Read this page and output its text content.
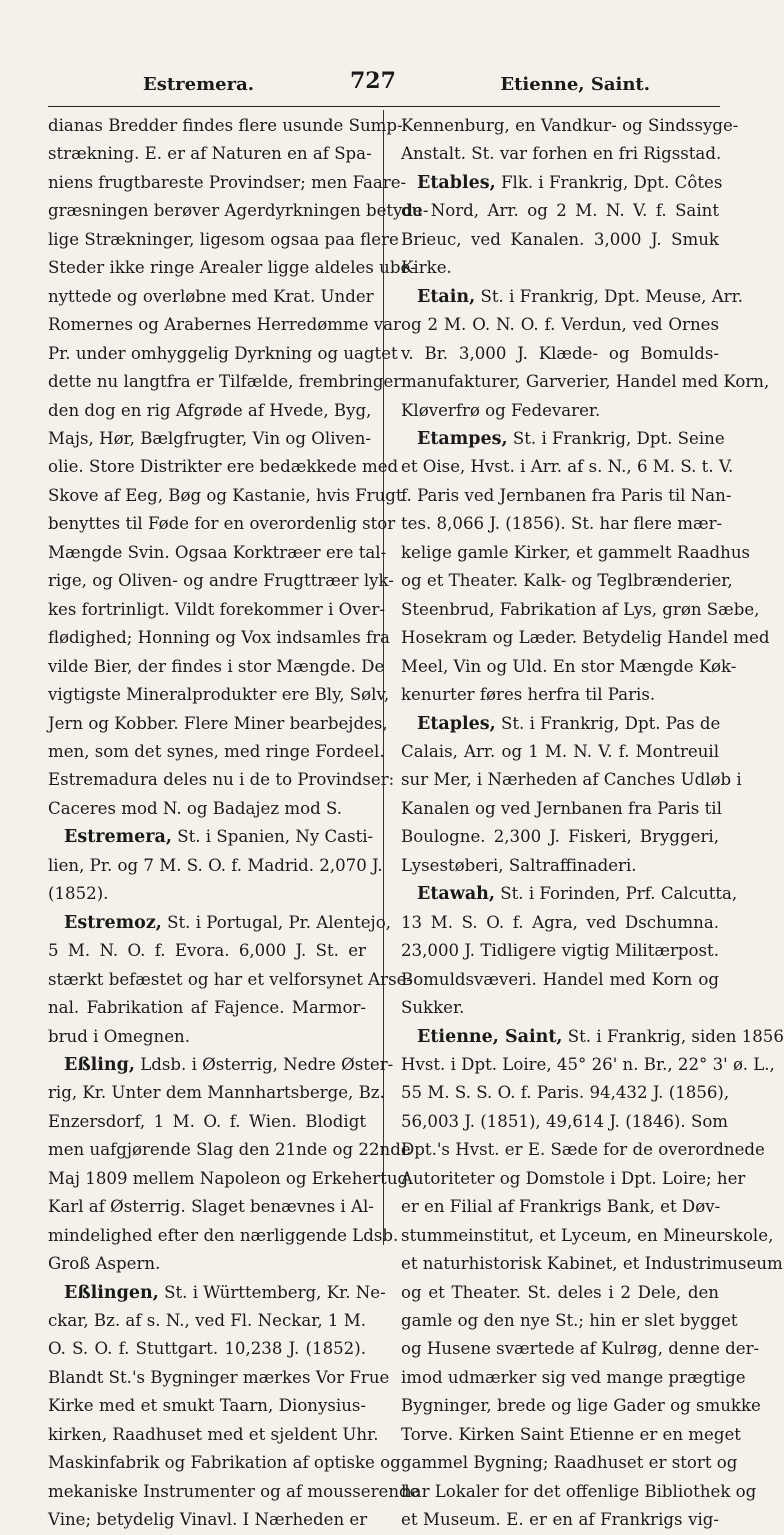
Estremera.	727	Etienne, Saint.
dianas Bredder findes flere usunde Sump-
strækning. E. er af Naturen en af Spa-
niens frugtbareste Provindser; men Faare-
græsningen berøver Agerdyrkningen betyde-
lige Strækninger, ligesom ogsaa paa flere
Steder ikke ringe Arealer ligge aldeles ube-
nyttede og overløbne med Krat. Under
Romernes og Arabernes Herredømme var
Pr. under omhyggelig Dyrkning og uagtet
dette nu langtfra er Tilfælde, frembringer
den dog en rig Afgrøde af Hvede, Byg,
Majs, Hør, Bælgfrugter, Vin og Oliven-
olie. Store Distrikter ere bedækkede med
Skove af Eeg, Bøg og Kastanie, hvis Frugt
benyttes til Føde for en overordenlig stor
Mængde Svin. Ogsaa Korktræer ere tal-
rige, og Oliven- og andre Frugttræer lyk-
kes fortrinligt. Vildt forekommer i Over-
flødighed; Honning og Vox indsamles fra
vilde Bier, der findes i stor Mængde. De
vigtigste Mineralprodukter ere Bly, Sølv,
Jern og Kobber. Flere Miner bearbejdes,
men, som det synes, med ringe Fordeel.
Estremadura deles nu i de to Provindser:
Caceres mod N. og Badajez mod S.
Estremera, St. i Spanien, Ny Casti-
lien, Pr. og 7 M. S. O. f. Madrid. 2,070 J.
(1852).
Estremoz, St. i Portugal, Pr. Alentejo,
5 M. N. O. f. Evora. 6,000 J. St. er
stærkt befæstet og har et velforsynet Arse-
nal. Fabrikation af Fajence. Marmor-
brud i Omegnen.
Eßling, Ldsb. i Østerrig, Nedre Øster-
rig, Kr. Unter dem Mannhartsberge, Bz.
Enzersdorf, 1 M. O. f. Wien. Blodigt
men uafgjørende Slag den 21nde og 22nde
Maj 1809 mellem Napoleon og Erkehertug
Karl af Østerrig. Slaget benævnes i Al-
mindelighed efter den nærliggende Ldsb.
Groß Aspern.
Eßlingen, St. i Württemberg, Kr. Ne-
ckar, Bz. af s. N., ved Fl. Neckar, 1 M.
O. S. O. f. Stuttgart. 10,238 J. (1852).
Blandt St.'s Bygninger mærkes Vor Frue
Kirke med et smukt Taarn, Dionysius-
kirken, Raadhuset med et sjeldent Uhr.
Maskinfabrik og Fabrikation af optiske og
mekaniske Instrumenter og af mousserende
Vine; betydelig Vinavl. I Nærheden er
Kennenburg, en Vandkur- og Sindssyge-
Anstalt. St. var forhen en fri Rigsstad.
Etables, Flk. i Frankrig, Dpt. Côtes
du Nord, Arr. og 2 M. N. V. f. Saint
Brieuc, ved Kanalen. 3,000 J. Smuk
Kirke.
Etain, St. i Frankrig, Dpt. Meuse, Arr.
og 2 M. O. N. O. f. Verdun, ved Ornes
v. Br. 3,000 J. Klæde- og Bomulds-
manufakturer, Garverier, Handel med Korn,
Kløverfrø og Fedevarer.
Etampes, St. i Frankrig, Dpt. Seine
et Oise, Hvst. i Arr. af s. N., 6 M. S. t. V.
f. Paris ved Jernbanen fra Paris til Nan-
tes. 8,066 J. (1856). St. har flere mær-
kelige gamle Kirker, et gammelt Raadhus
og et Theater. Kalk- og Teglbrænderier,
Steenbrud, Fabrikation af Lys, grøn Sæbe,
Hosekram og Læder. Betydelig Handel med
Meel, Vin og Uld. En stor Mængde Køk-
kenurter føres herfra til Paris.
Etaples, St. i Frankrig, Dpt. Pas de
Calais, Arr. og 1 M. N. V. f. Montreuil
sur Mer, i Nærheden af Canches Udløb i
Kanalen og ved Jernbanen fra Paris til
Boulogne. 2,300 J. Fiskeri, Bryggeri,
Lysestøberi, Saltraffinaderi.
Etawah, St. i Forinden, Prf. Calcutta,
13 M. S. O. f. Agra, ved Dschumna.
23,000 J. Tidligere vigtig Militærpost.
Bomuldsvæveri. Handel med Korn og
Sukker.
Etienne, Saint, St. i Frankrig, siden 1856
Hvst. i Dpt. Loire, 45° 26' n. Br., 22° 3' ø. L.,
55 M. S. S. O. f. Paris. 94,432 J. (1856),
56,003 J. (1851), 49,614 J. (1846). Som
Dpt.'s Hvst. er E. Sæde for de overordnede
Autoriteter og Domstole i Dpt. Loire; her
er en Filial af Frankrigs Bank, et Døv-
stummeinstitut, et Lyceum, en Mineurskole,
et naturhistorisk Kabinet, et Industrimuseum
og et Theater. St. deles i 2 Dele, den
gamle og den nye St.; hin er slet bygget
og Husene sværtede af Kulrøg, denne der-
imod udmærker sig ved mange prægtige
Bygninger, brede og lige Gader og smukke
Torve. Kirken Saint Etienne er en meget
gammel Bygning; Raadhuset er stort og
har Lokaler for det offenlige Bibliothek og
et Museum. E. er en af Frankrigs vig-
